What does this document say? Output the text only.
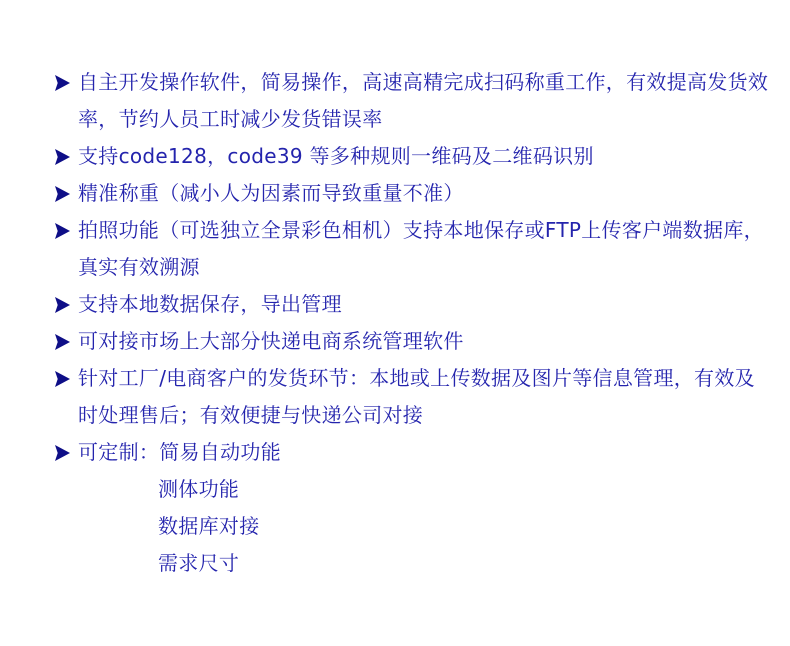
自主开发操作软件，简易操作，高速高精完成扫码称重工作，有效提高发货效
率，节约人员工时减少发货错误率
支持code128，code39 等多种规则一维码及二维码识别
精准称重（减小人为因素而导致重量不准）
拍照功能（可选独立全景彩色相机）支持本地保存或FTP上传客户端数据库，
真实有效溯源
支持本地数据保存，导出管理
可对接市场上大部分快递电商系统管理软件
针对工厂/电商客户的发货环节：本地或上传数据及图片等信息管理，有效及
时处理售后；有效便捷与快递公司对接
可定制：简易自动功能
测体功能
数据库对接
需求尺寸
